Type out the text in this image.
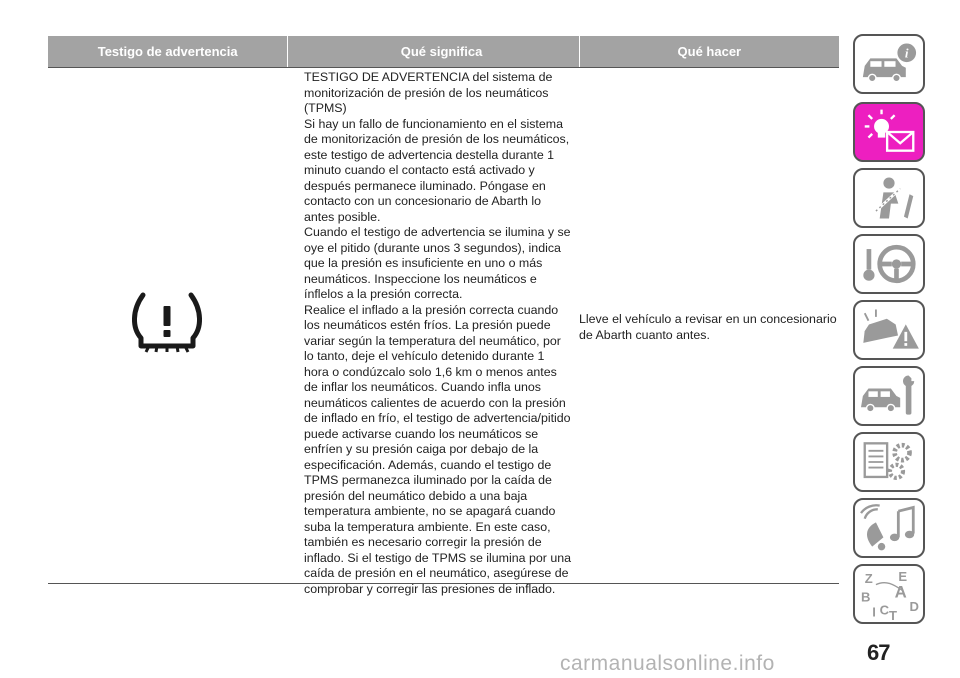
Testigo de advertencia	Qué significa	Qué hacer

TESTIGO DE ADVERTENCIA del sistema de monitorización de presión de los neumáticos (TPMS)

Si hay un fallo de funcionamiento en el sistema de monitorización de presión de los neumáticos, este testigo de advertencia destella durante 1 minuto cuando el contacto está activado y después permanece iluminado. Póngase en contacto con un concesionario de Abarth lo antes posible.

Cuando el testigo de advertencia se ilumina y se oye el pitido (durante unos 3 segundos), indica que la presión es insuficiente en uno o más neumáticos. Inspeccione los neumáticos e ínflelos a la presión correcta.

Realice el inflado a la presión correcta cuando los neumáticos estén fríos. La presión puede variar según la temperatura del neumático, por lo tanto, deje el vehículo detenido durante 1 hora o condúzcalo solo 1,6 km o menos antes de inflar los neumáticos. Cuando infla unos neumáticos calientes de acuerdo con la presión de inflado en frío, el testigo de advertencia/pitido puede activarse cuando los neumáticos se enfríen y su presión caiga por debajo de la especificación. Además, cuando el testigo de TPMS permanezca iluminado por la caída de presión del neumático debido a una baja temperatura ambiente, no se apagará cuando suba la temperatura ambiente. En este caso, también es necesario corregir la presión de inflado. Si el testigo de TPMS se ilumina por una caída de presión en el neumático, asegúrese de comprobar y corregir las presiones de inflado.

Lleve el vehículo a revisar en un concesionario de Abarth cuanto antes.
i
Z E
A
B
C D
T
I
67
carmanualsonline.info
